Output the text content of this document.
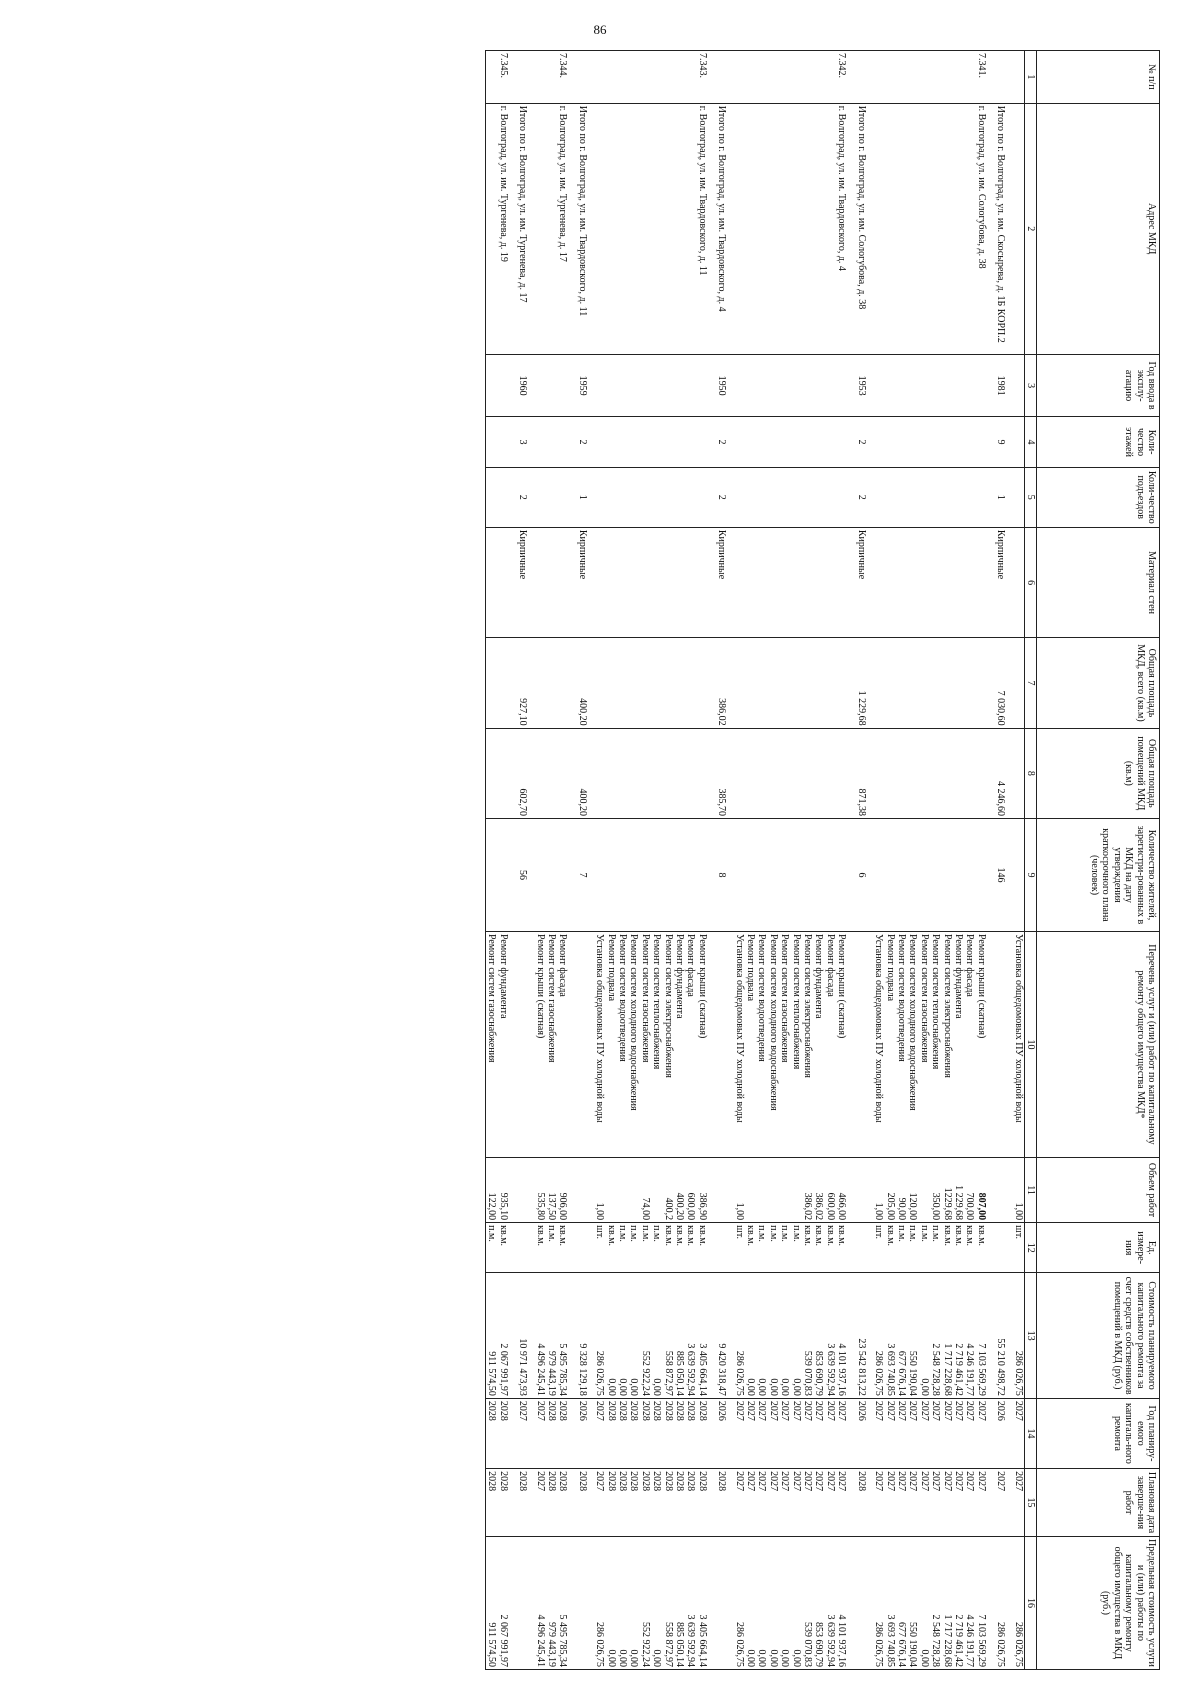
86
№ п/п	Адрес МКД	Год ввода в эксплу-атацию	Коли-чество этажей	Коли-чество подъездов	Материал стен	Общая площадь МКД, всего (кв.м)	Общая площадь помещений МКД (кв.м)	Количество жителей, зарегистри-рованных в МКД на дату утверждения краткосрочного плана (человек)	Перечень услуг и (или) работ по капитальному ремонту общего имущества МКД*	Объем работ	Ед. измере-ния	Стоимость планируемого капитального ремонта за счет средств собственников помещений в МКД (руб.)	Год планиру-емого капиталь-ного ремонта	Плановая дата заверше-ния работ	Предельная стоимость услуги и (или) работы по капитальному ремонту общего имущества в МКД (руб.)
1	2	3	4	5	6	7	8	9	10	11	12	13	14	15	16
									Установка общедомовых ПУ холодной воды	1,00	шт.	286 026,75	2027	2027	286 026,75

	Итого по г. Волгоград, ул. им. Скосырева, д. 1Б КОРП.2	1981	9	1	Кирпичные	7 030,60	4 246,60	146				55 210 498,72	2026	2027	286 026,75
7.341.	г. Волгоград, ул. им. Сологубова, д. 38								Ремонт крыши (скатная)	807,00	кв.м.	7 103 569,29	2027	2027	7 103 569,29
									Ремонт фасада	700,00	кв.м.	4 246 191,77	2027	2027	4 246 191,77
									Ремонт фундамента	1 229,68	кв.м.	2 719 461,42	2027	2027	2 719 461,42
									Ремонт систем электроснабжения	1229,68	кв.м.	1 717 228,68	2027	2027	1 717 228,68
									Ремонт систем теплоснабжения	350,00	п.м.	2 548 728,28	2027	2027	2 548 728,28
									Ремонт систем газоснабжения		п.м.	0,00	2027	2027	0,00
									Ремонт систем холодного водоснабжения	120,00	п.м.	550 190,04	2027	2027	550 190,04
									Ремонт систем водоотведения	90,00	п.м.	677 676,14	2027	2027	677 676,14
									Ремонт подвала	205,00	кв.м.	3 693 740,85	2027	2027	3 693 740,85
									Установка общедомовых ПУ холодной воды	1,00	шт.	286 026,75	2027	2027	286 026,75

	Итого по г. Волгоград, ул. им. Сологубова, д. 38	1953	2	2	Кирпичные	1 229,68	871,38	6				23 542 813,22	2026	2028	
7.342.	г. Волгоград, ул. им. Твардовского, д. 4								Ремонт крыши (скатная)	466,00	кв.м.	4 101 937,16	2027	2027	4 101 937,16
									Ремонт фасада	600,00	кв.м.	3 639 592,94	2027	2027	3 639 592,94
									Ремонт фундамента	386,02	кв.м.	853 690,79	2027	2027	853 690,79
									Ремонт систем электроснабжения	386,02	кв.м.	539 070,83	2027	2027	539 070,83
									Ремонт систем теплоснабжения		п.м.	0,00	2027	2027	0,00
									Ремонт систем газоснабжения		п.м.	0,00	2027	2027	0,00
									Ремонт систем холодного водоснабжения		п.м.	0,00	2027	2027	0,00
									Ремонт систем водоотведения		п.м.	0,00	2027	2027	0,00
									Ремонт подвала		кв.м.	0,00	2027	2027	0,00
									Установка общедомовых ПУ холодной воды	1,00	шт.	286 026,75	2027	2027	286 026,75

	Итого по г. Волгоград, ул. им. Твардовского, д. 4	1950	2	2	Кирпичные	386,02	385,70	8				9 420 318,47	2026	2028	
7.343.	г. Волгоград, ул. им. Твардовского, д. 11								Ремонт крыши (скатная)	386,90	кв.м.	3 405 664,14	2028	2028	3 405 664,14
									Ремонт фасада	600,00	кв.м.	3 639 592,94	2028	2028	3 639 592,94
									Ремонт фундамента	400,20	кв.м.	885 050,14	2028	2028	885 050,14
									Ремонт систем электроснабжения	400,2	кв.м.	558 872,97	2028	2028	558 872,97
									Ремонт систем теплоснабжения		п.м.	0,00	2028	2028	0,00
									Ремонт систем газоснабжения	74,00	п.м.	552 922,24	2028	2028	552 922,24
									Ремонт систем холодного водоснабжения		п.м.	0,00	2028	2028	0,00
									Ремонт систем водоотведения		п.м.	0,00	2028	2028	0,00
									Ремонт подвала		кв.м.	0,00	2028	2028	0,00
									Установка общедомовых ПУ холодной воды	1,00	шт.	286 026,75	2027	2027	286 026,75

	Итого по г. Волгоград, ул. им. Твардовского, д. 11	1959	2	1	Кирпичные	400,20	400,20	7				9 328 129,18	2026	2028	
7.344.	г. Волгоград, ул. им. Тургенева, д. 17								Ремонт фасада	906,00	кв.м.	5 495 785,34	2028	2028	5 495 785,34
									Ремонт систем газоснабжения	137,50	п.м.	979 443,19	2028	2028	979 443,19
									Ремонт крыши (скатная)	535,80	кв.м.	4 496 245,41	2027	2027	4 496 245,41

	Итого по г. Волгоград, ул. им. Тургенева, д. 17	1960	3	2	Кирпичные	927,10	602,70	56				10 971 473,93	2027	2028	
7.345.	г. Волгоград, ул. им. Тургенева, д. 19								Ремонт фундамента	935,10	кв.м.	2 067 991,97	2028	2028	2 067 991,97
									Ремонт систем газоснабжения	122,00	п.м.	911 574,50	2028	2028	911 574,50
